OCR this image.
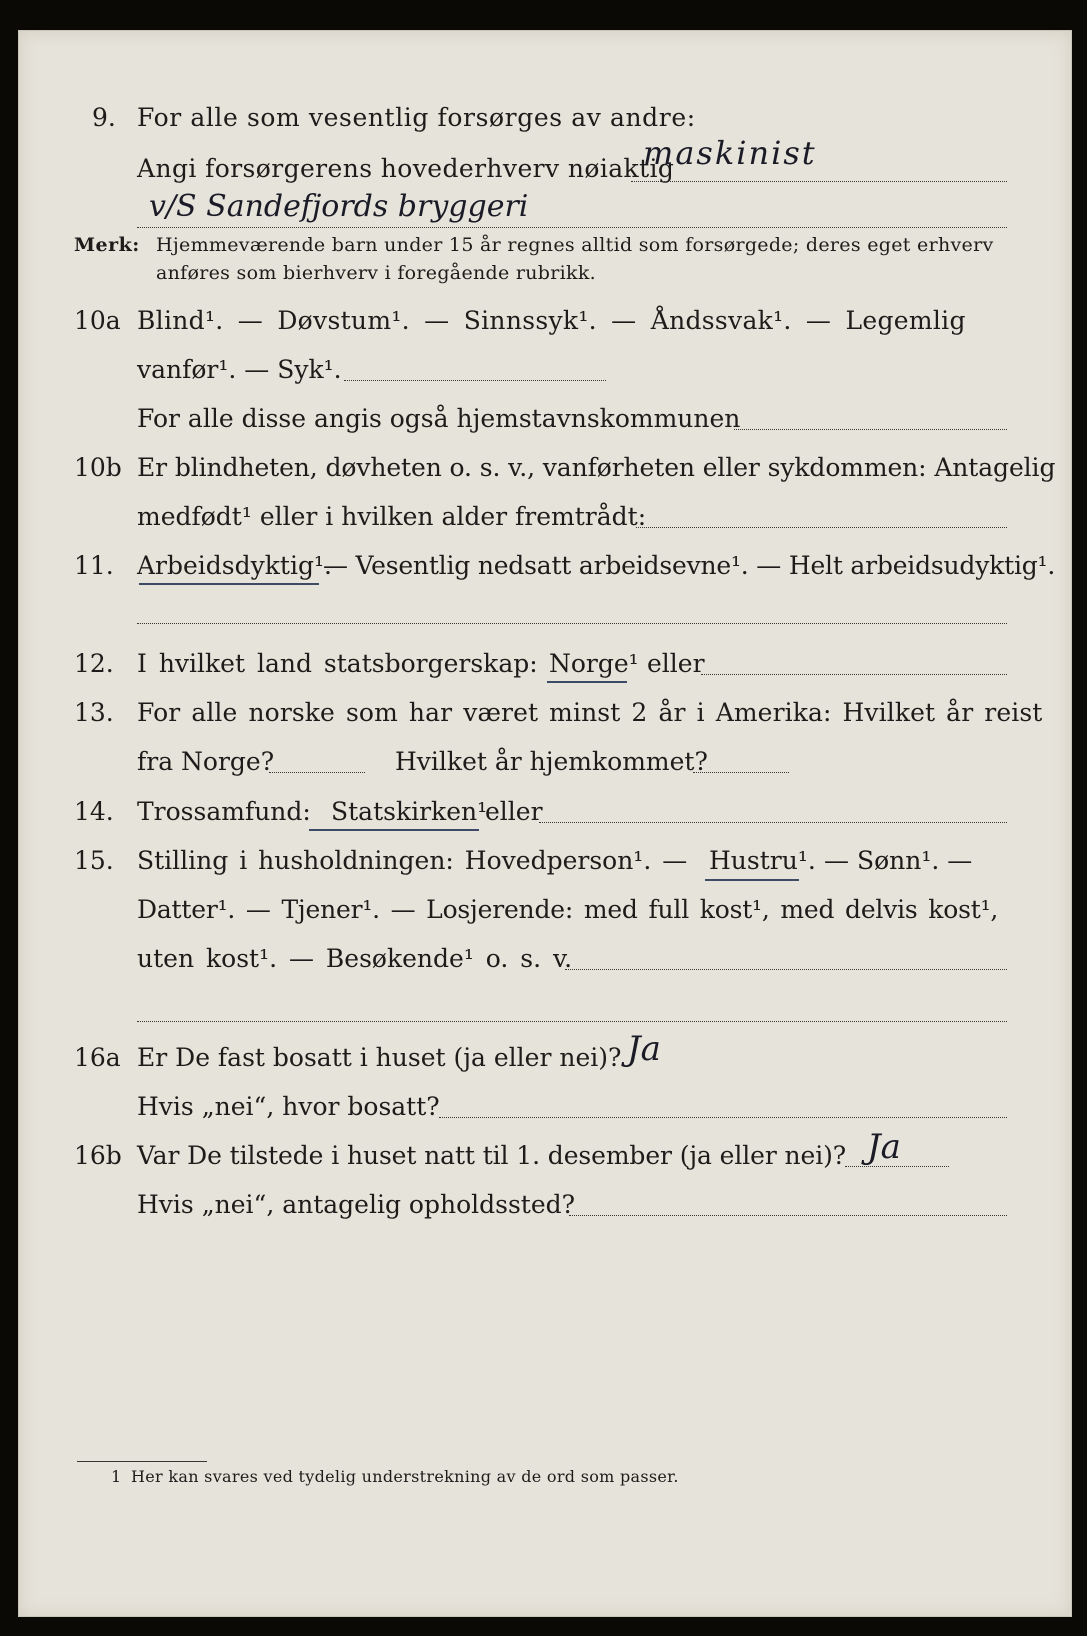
9. For alle som vesentlig forsørges av andre:
Angi forsørgerens hovederhverv nøiaktig
maskinist
v/S Sandefjords bryggeri
Merk: Hjemmeværende barn under 15 år regnes alltid som forsørgede; deres eget erhverv
anføres som bierhverv i foregående rubrikk.
10a Blind¹. — Døvstum¹. — Sinnssyk¹. — Åndssvak¹. — Legemlig
vanfør¹. — Syk¹.
For alle disse angis også hjemstavnskommunen
10b Er blindheten, døvheten o. s. v., vanførheten eller sykdommen: Antagelig
medfødt¹ eller i hvilken alder fremtrådt:
11. Arbeidsdyktig¹.
— Vesentlig nedsatt arbeidsevne¹. — Helt arbeidsudyktig¹.
12. I hvilket land statsborgerskap: Norge¹ eller
13. For alle norske som har været minst 2 år i Amerika: Hvilket år reist
fra Norge?	Hvilket år hjemkommet?
14. Trossamfund: Statskirken¹
eller
15. Stilling i husholdningen: Hovedperson¹. — Hustru¹. — Sønn¹. —
Datter¹. — Tjener¹. — Losjerende: med full kost¹, med delvis kost¹,
uten kost¹. — Besøkende¹ o. s. v.
16a Er De fast bosatt i huset (ja eller nei)? Ja
Hvis „nei“, hvor bosatt?
16b Var De tilstede i huset natt til 1. desember (ja eller nei)? Ja
Hvis „nei“, antagelig opholdssted?
1 Her kan svares ved tydelig understrekning av de ord som passer.
